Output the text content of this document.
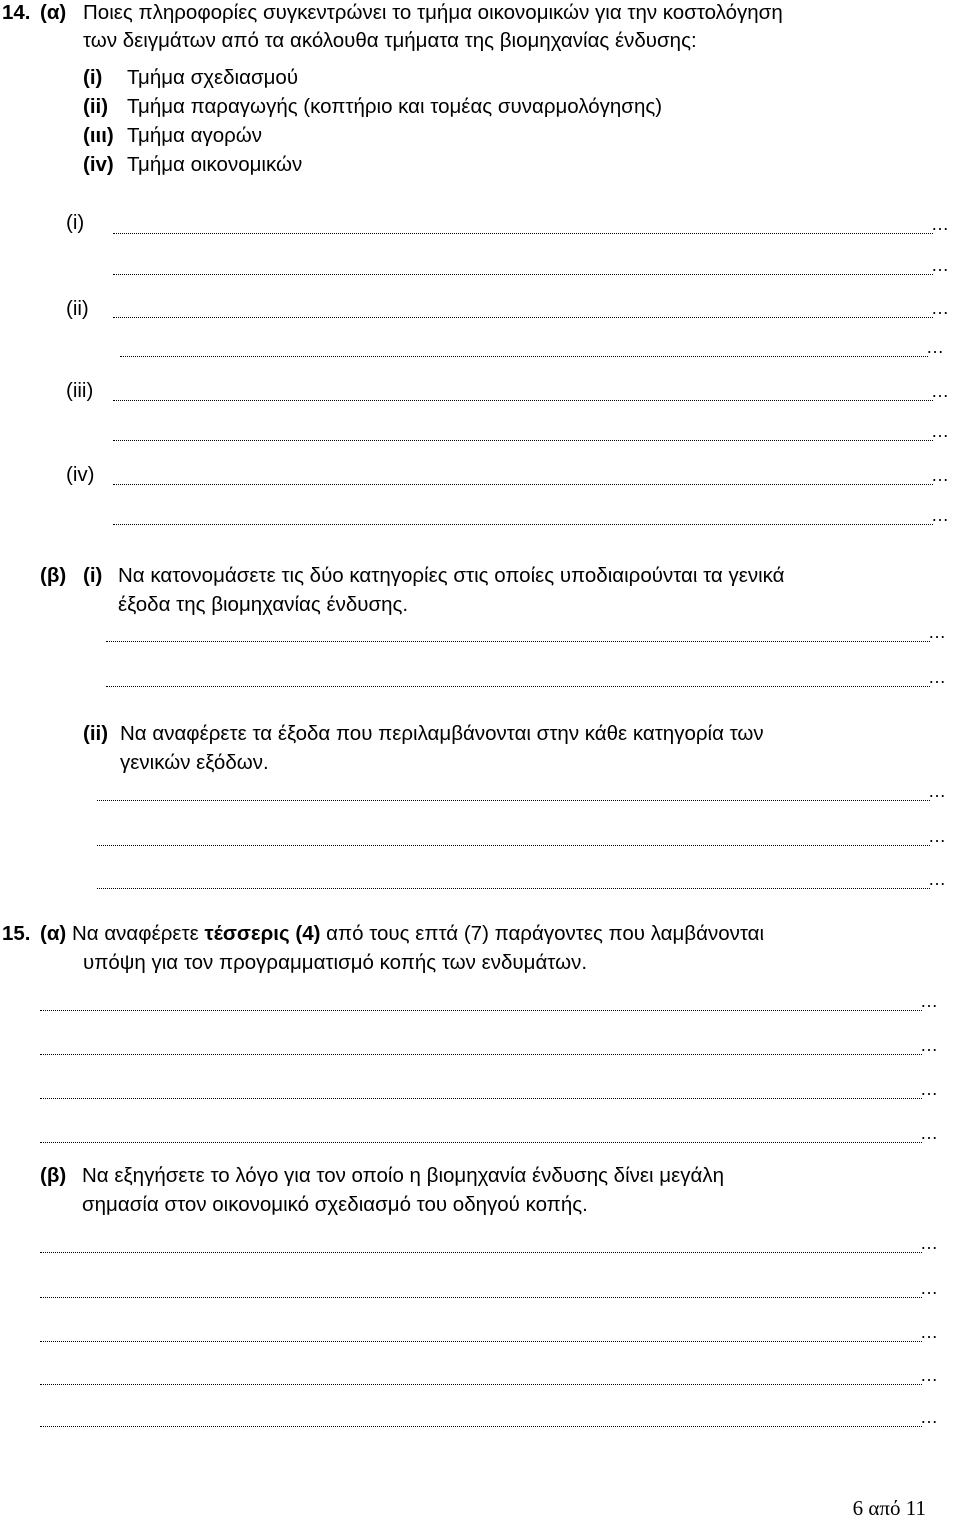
14. (α) Ποιες πληροφορίες συγκεντρώνει το τμήμα οικονομικών για την κοστολόγηση
των δειγμάτων από τα ακόλουθα τμήματα της βιομηχανίας ένδυσης:
(i) Τμήμα σχεδιασμού
(ii) Τμήμα παραγωγής (κοπτήριο και τομέας συναρμολόγησης)
(ιιι) Τμήμα αγορών
(iv) Τμήμα οικονομικών
(i)
…
…
(ii)
…
…
(iii)
…
…
(iv)
…
…
(β) (i) Να κατονομάσετε τις δύο κατηγορίες στις οποίες υποδιαιρούνται τα γενικά
έξοδα της βιομηχανίας ένδυσης.
…
…
(ii) Να αναφέρετε τα έξοδα που περιλαμβάνονται στην κάθε κατηγορία των
γενικών εξόδων.
…
…
…
15. (α) Να αναφέρετε τέσσερις (4) από τους επτά (7) παράγοντες που λαμβάνονται
υπόψη για τον προγραμματισμό κοπής των ενδυμάτων.
…
…
…
…
(β) Να εξηγήσετε το λόγο για τον οποίο η βιομηχανία ένδυσης δίνει μεγάλη
σημασία στον οικονομικό σχεδιασμό του οδηγού κοπής.
…
…
…
…
…
6 από 11
